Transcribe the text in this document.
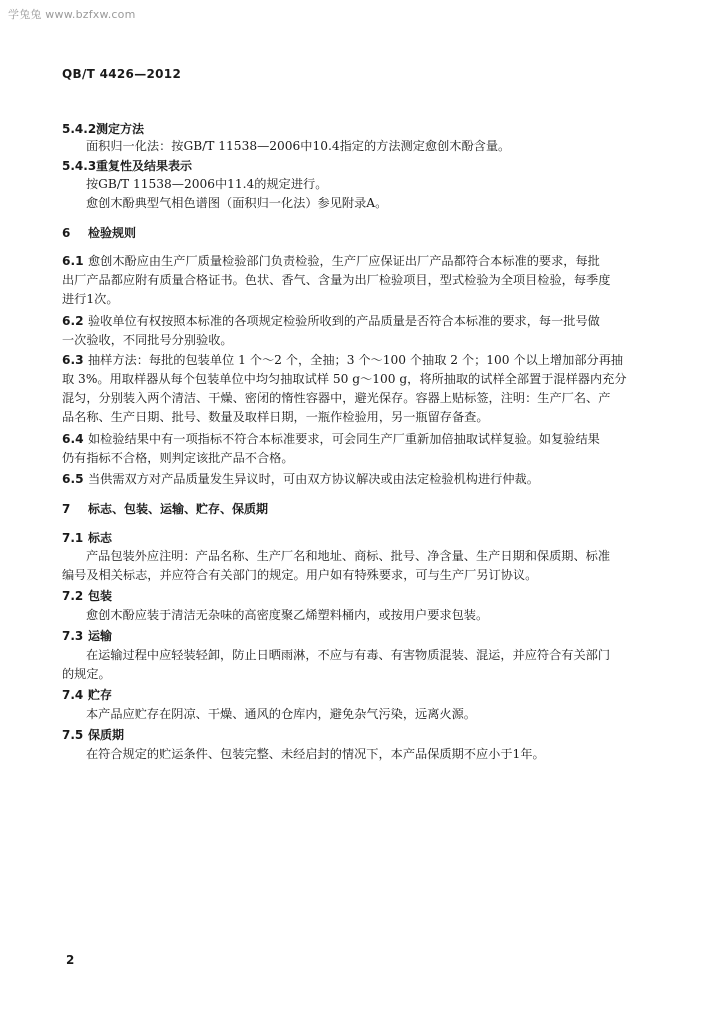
学兔兔 www.bzfxw.com
QB/T 4426—2012
5.4.2测定方法
面积归一化法：按GB/T 11538—2006中10.4指定的方法测定愈创木酚含量。
5.4.3重复性及结果表示
按GB/T 11538—2006中11.4的规定进行。
愈创木酚典型气相色谱图（面积归一化法）参见附录A。
6 检验规则
6.1 愈创木酚应由生产厂质量检验部门负责检验，生产厂应保证出厂产品都符合本标准的要求，每批
出厂产品都应附有质量合格证书。色状、香气、含量为出厂检验项目，型式检验为全项目检验，每季度
进行1次。
6.2 验收单位有权按照本标准的各项规定检验所收到的产品质量是否符合本标准的要求，每一批号做
一次验收，不同批号分别验收。
6.3 抽样方法：每批的包装单位 1 个～2 个，全抽；3 个～100 个抽取 2 个；100 个以上增加部分再抽
取 3%。用取样器从每个包装单位中均匀抽取试样 50 g～100 g，将所抽取的试样全部置于混样器内充分
混匀，分别装入两个清洁、干燥、密闭的惰性容器中，避光保存。容器上贴标签，注明：生产厂名、产
品名称、生产日期、批号、数量及取样日期，一瓶作检验用，另一瓶留存备查。
6.4 如检验结果中有一项指标不符合本标准要求，可会同生产厂重新加倍抽取试样复验。如复验结果
仍有指标不合格，则判定该批产品不合格。
6.5 当供需双方对产品质量发生异议时，可由双方协议解决或由法定检验机构进行仲裁。
7 标志、包装、运输、贮存、保质期
7.1 标志
产品包装外应注明：产品名称、生产厂名和地址、商标、批号、净含量、生产日期和保质期、标准
编号及相关标志，并应符合有关部门的规定。用户如有特殊要求，可与生产厂另订协议。
7.2 包装
愈创木酚应装于清洁无杂味的高密度聚乙烯塑料桶内，或按用户要求包装。
7.3 运输
在运输过程中应轻装轻卸，防止日晒雨淋，不应与有毒、有害物质混装、混运，并应符合有关部门
的规定。
7.4 贮存
本产品应贮存在阴凉、干燥、通风的仓库内，避免杂气污染，远离火源。
7.5 保质期
在符合规定的贮运条件、包装完整、未经启封的情况下，本产品保质期不应小于1年。
2
